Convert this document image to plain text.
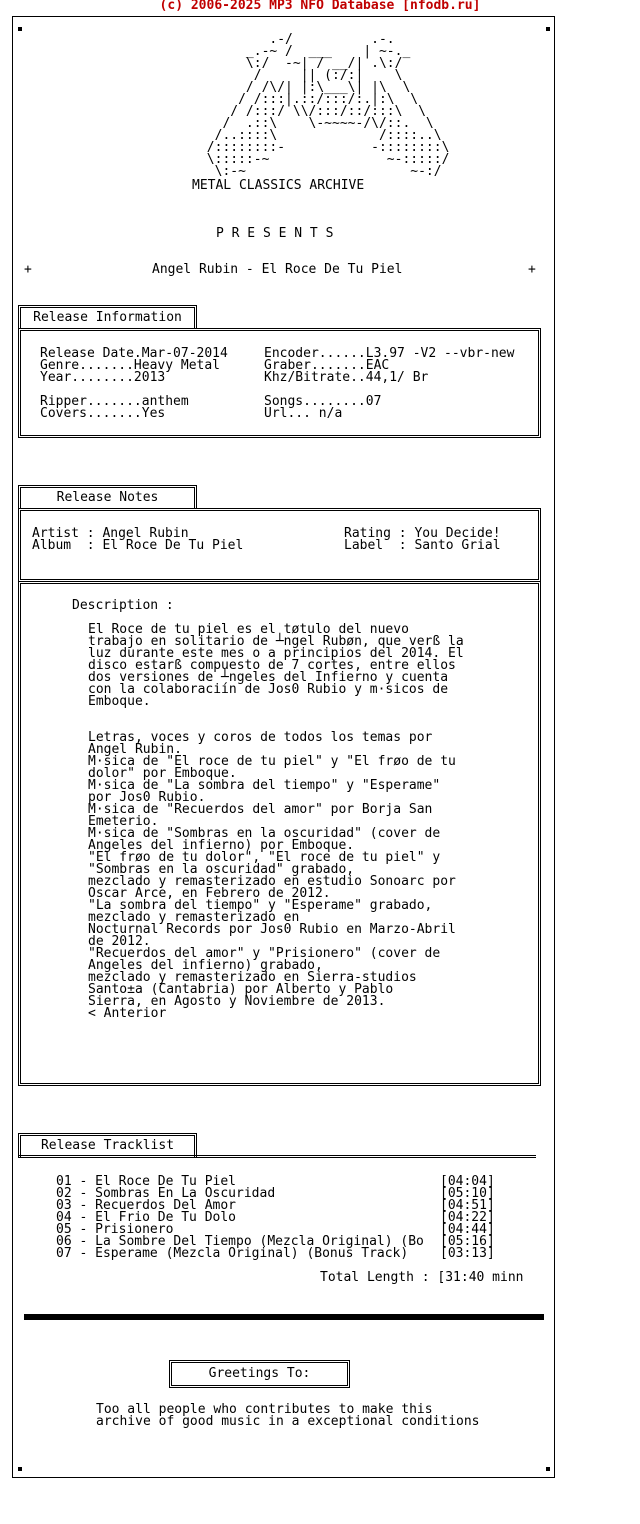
(c) 2006-2025 MP3 NFO Database [nfodb.ru]
.-/          .-.
_.-~ /  ___    | ~-._
\:/  -~| / __/| .\:/
/     || (:/:|    \
/ /\/| |:\___\| |\  \
/ /:::|.::/:::/:.|:\  \
/ /:::/ \\/:::/::/:::\  \
/  .::\    \-~~~~-/\/::.  \
/..::::\             /::::..\
/::::::::-           -::::::::\
\:::::-~               ~-:::::/
\:-~                     ~-:/
METAL CLASSICS ARCHIVE
P R E S E N T S
+	Angel Rubin - El Roce De Tu Piel	+
Release Information
Release Date.Mar-07-2014
Genre.......Heavy Metal
Year........2013

Ripper.......anthem
Covers.......Yes
Encoder......L3.97 -V2 --vbr-new
Graber.......EAC
Khz/Bitrate..44,1/ Br

Songs........07
Url... n/a
Release Notes
Artist : Angel Rubin
Album  : El Roce De Tu Piel
Rating : You Decide!
Label  : Santo Grial
Description :
El Roce de tu piel es el tøtulo del nuevo
trabajo en solitario de ┴ngel Rubøn, que verß la
luz durante este mes o a principios del 2014. El
disco estarß compuesto de 7 cortes, entre ellos
dos versiones de ┴ngeles del Infierno y cuenta
con la colaboraciín de Jos0 Rubio y m·sicos de
Emboque.

Letras, voces y coros de todos los temas por
Angel Rubin.
M·sica de "El roce de tu piel" y "El frøo de tu
dolor" por Emboque.
M·sica de "La sombra del tiempo" y "Esperame"
por Jos0 Rubio.
M·sica de "Recuerdos del amor" por Borja San
Emeterio.
M·sica de "Sombras en la oscuridad" (cover de
Angeles del infierno) por Emboque.
"El frøo de tu dolor", "El roce de tu piel" y
"Sombras en la oscuridad" grabado,
mezclado y remasterizado en estudio Sonoarc por
Oscar Arce, en Febrero de 2012.
"La sombra del tiempo" y "Esperame" grabado,
mezclado y remasterizado en
Nocturnal Records por Jos0 Rubio en Marzo-Abril
de 2012.
"Recuerdos del amor" y "Prisionero" (cover de
Angeles del infierno) grabado,
mezclado y remasterizado en Sierra-studios
Santo±a (Cantabria) por Alberto y Pablo
Sierra, en Agosto y Noviembre de 2013.
< Anterior
Release Tracklist
01 - El Roce De Tu Piel	[04:04]
02 - Sombras En La Oscuridad	[05:10]
03 - Recuerdos Del Amor	[04:51]
04 - El Frio De Tu Dolo	[04:22]
05 - Prisionero	[04:44]
06 - La Sombre Del Tiempo (Mezcla Original) (Bo [05:16]
07 - Esperame (Mezcla Original) (Bonus Track) [03:13]
Total Length : [31:40 minn
Greetings To:
Too all people who contributes to make this
archive of good music in a exceptional conditions
